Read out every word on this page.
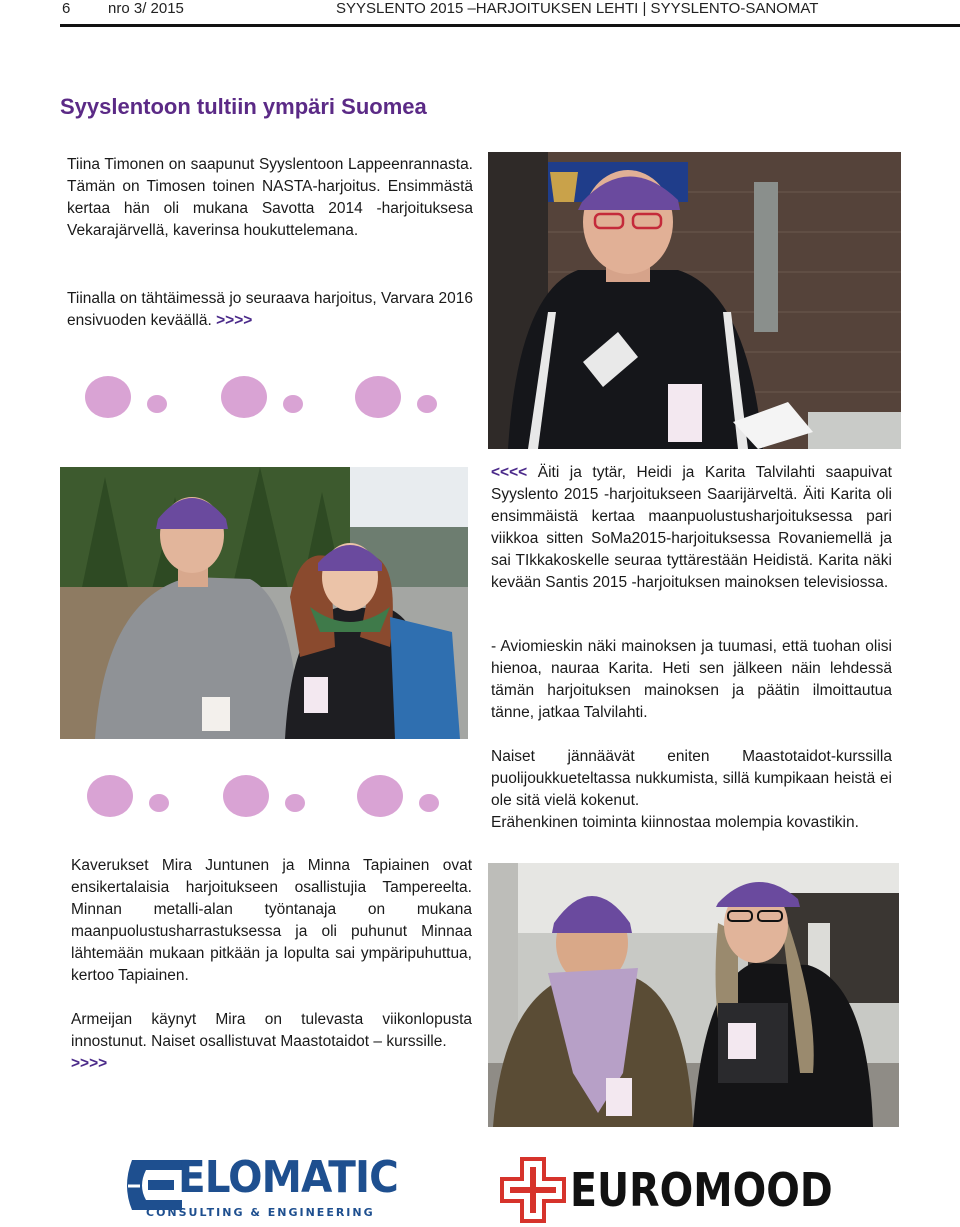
6	nro 3/ 2015	SYYSLENTO 2015 –HARJOITUKSEN LEHTI | SYYSLENTO-SANOMAT
Syyslentoon tultiin ympäri Suomea
Tiina Timonen on saapunut Syyslentoon Lappeenrannasta. Tämän on Timosen toinen NASTA-harjoitus. Ensimmästä kertaa hän oli mukana Savotta 2014 -harjoituksesa Vekarajärvellä, kaverinsa houkuttelemana.
Tiinalla on tähtäimessä jo seuraava harjoitus, Varvara 2016 ensivuoden keväällä. >>>>
<<<< Äiti ja tytär, Heidi ja Karita Talvilahti saapuivat Syyslento 2015 -harjoitukseen Saarijärveltä. Äiti Karita oli ensimmäistä kertaa maanpuolustusharjoituksessa pari viikkoa sitten SoMa2015-harjoituksessa Rovaniemellä ja sai TIkkakoskelle seuraa tyttärestään Heidistä. Karita näki kevään Santis 2015 -harjoituksen mainoksen televisiossa.
- Aviomieskin näki mainoksen ja tuumasi, että tuohan olisi hienoa, nauraa Karita. Heti sen jälkeen näin lehdessä tämän harjoituksen mainoksen ja päätin ilmoittautua tänne, jatkaa Talvilahti.
Naiset jännäävät eniten Maastotaidot-kurssilla puolijoukkueteltassa nukkumista, sillä kumpikaan heistä ei ole sitä vielä kokenut.
Erähenkinen toiminta kiinnostaa molempia kovastikin.
Kaverukset Mira Juntunen ja Minna Tapiainen ovat ensikertalaisia harjoitukseen osallistujia Tampereelta. Minnan metalli-alan työntanaja on mukana maanpuolustusharrastuksessa ja oli puhunut Minnaa lähtemään mukaan pitkään ja lopulta sai ympäripuhuttua, kertoo Tapiainen.
Armeijan käynyt Mira on tulevasta viikonlopusta innostunut. Naiset osallistuvat Maastotaidot – kurssille.
>>>>
ELOMATIC
CONSULTING & ENGINEERING	EUROMOOD
